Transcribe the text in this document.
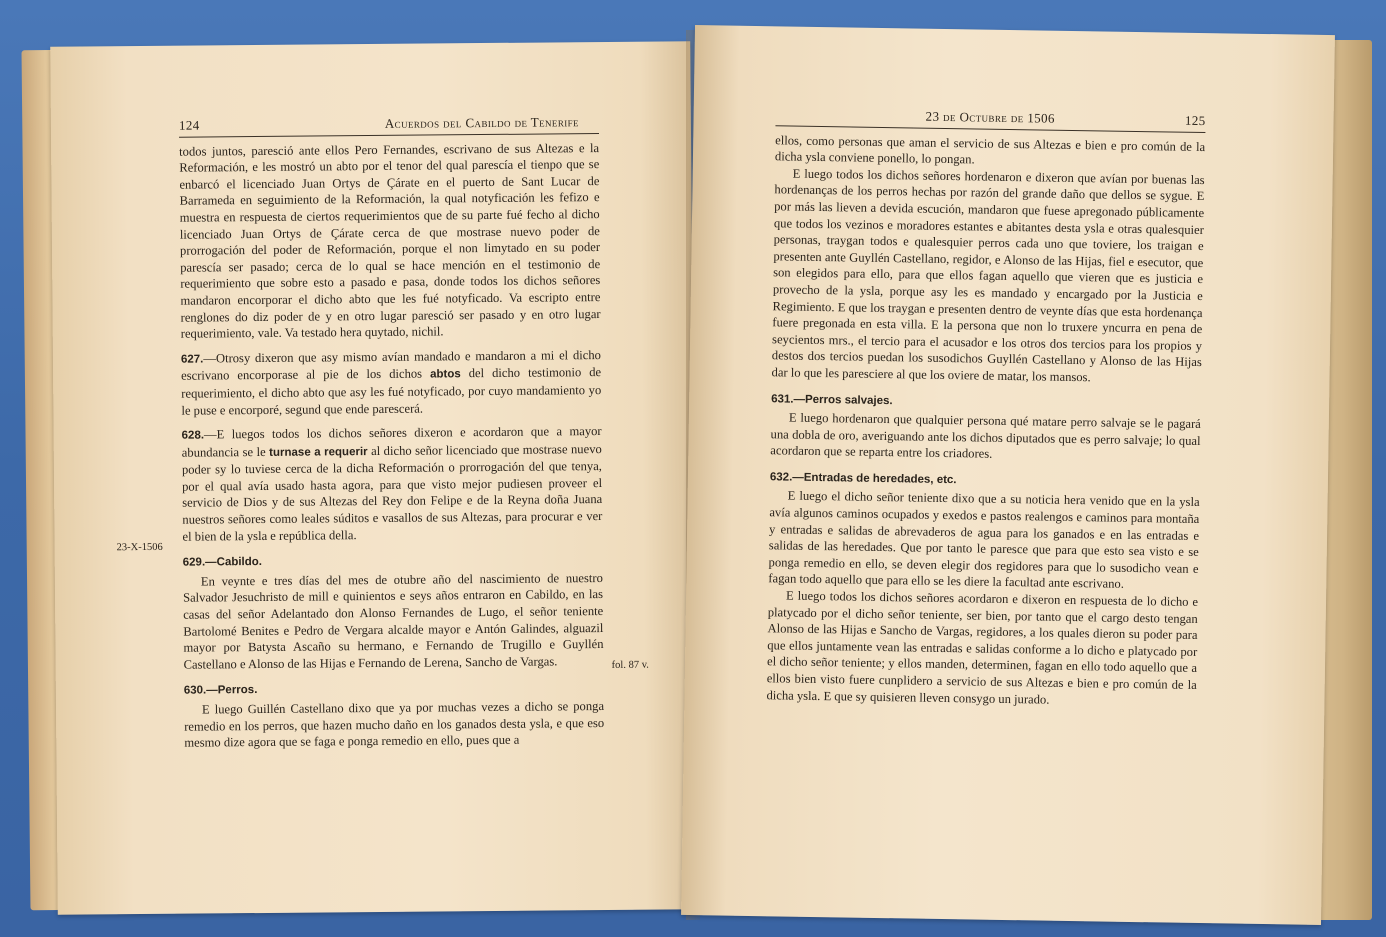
124	Acuerdos del Cabildo de Tenerife

todos juntos, paresció ante ellos Pero Fernandes, escrivano de sus Altezas e la Reformación, e les mostró un abto por el tenor del qual parescía el tienpo que se enbarcó el licenciado Juan Ortys de Çárate en el puerto de Sant Lucar de Barrameda en seguimiento de la Reformación, la qual notyficación les fefizo e muestra en respuesta de ciertos requerimientos que de su parte fué fecho al dicho licenciado Juan Ortys de Çárate cerca de que mostrase nuevo poder de prorrogación del poder de Reformación, porque el non limytado en su poder parescía ser pasado; cerca de lo qual se hace mención en el testimonio de requerimiento que sobre esto a pasado e pasa, donde todos los dichos señores mandaron encorporar el dicho abto que les fué notyficado. Va escripto entre renglones do diz poder de y en otro lugar paresció ser pasado y en otro lugar requerimiento, vale. Va testado hera quytado, nichil.

627.—Otrosy dixeron que asy mismo avían mandado e mandaron a mi el dicho escrivano encorporase al pie de los dichos abtos del dicho testimonio de requerimiento, el dicho abto que asy les fué notyficado, por cuyo mandamiento yo le puse e encorporé, segund que ende parescerá.

628.—E luegos todos los dichos señores dixeron e acordaron que a mayor abundancia se le turnase a requerir al dicho señor licenciado que mostrase nuevo poder sy lo tuviese cerca de la dicha Reformación o prorrogación del que tenya, por el qual avía usado hasta agora, para que visto mejor pudiesen proveer el servicio de Dios y de sus Altezas del Rey don Felipe e de la Reyna doña Juana nuestros señores como leales súditos e vasallos de sus Altezas, para procurar e ver el bien de la ysla e república della.

629.—Cabildo.

En veynte e tres días del mes de otubre año del nascimiento de nuestro Salvador Jesuchristo de mill e quinientos e seys años entraron en Cabildo, en las casas del señor Adelantado don Alonso Fernandes de Lugo, el señor teniente Bartolomé Benites e Pedro de Vergara alcalde mayor e Antón Galindes, alguazil mayor por Batysta Ascaño su hermano, e Fernando de Trugillo e Guyllén Castellano e Alonso de las Hijas e Fernando de Lerena, Sancho de Vargas.

630.—Perros.

E luego Guillén Castellano dixo que ya por muchas vezes a dicho se ponga remedio en los perros, que hazen mucho daño en los ganados desta ysla, e que eso mesmo dize agora que se faga e ponga remedio en ello, pues que a

23-X-1506
fol. 87 v.
23 de Octubre de 1506	125

ellos, como personas que aman el servicio de sus Altezas e bien e pro común de la dicha ysla conviene ponello, lo pongan.

E luego todos los dichos señores hordenaron e dixeron que avían por buenas las hordenanças de los perros hechas por razón del grande daño que dellos se sygue. E por más las lieven a devida escución, mandaron que fuese apregonado públicamente que todos los vezinos e moradores estantes e abitantes desta ysla e otras qualesquier personas, traygan todos e qualesquier perros cada uno que toviere, los traigan e presenten ante Guyllén Castellano, regidor, e Alonso de las Hijas, fiel e esecutor, que son elegidos para ello, para que ellos fagan aquello que vieren que es justicia e provecho de la ysla, porque asy les es mandado y encargado por la Justicia e Regimiento. E que los traygan e presenten dentro de veynte días que esta hordenança fuere pregonada en esta villa. E la persona que non lo truxere yncurra en pena de seycientos mrs., el tercio para el acusador e los otros dos tercios para los propios y destos dos tercios puedan los susodichos Guyllén Castellano y Alonso de las Hijas dar lo que les paresciere al que los oviere de matar, los mansos.

631.—Perros salvajes.

E luego hordenaron que qualquier persona qué matare perro salvaje se le pagará una dobla de oro, averiguando ante los dichos diputados que es perro salvaje; lo qual acordaron que se reparta entre los criadores.

632.—Entradas de heredades, etc.

E luego el dicho señor teniente dixo que a su noticia hera venido que en la ysla avía algunos caminos ocupados y exedos e pastos realengos e caminos para montaña y entradas e salidas de abrevaderos de agua para los ganados e en las entradas e salidas de las heredades. Que por tanto le paresce que para que esto sea visto e se ponga remedio en ello, se deven elegir dos regidores para que lo susodicho vean e fagan todo aquello que para ello se les diere la facultad ante escrivano.

E luego todos los dichos señores acordaron e dixeron en respuesta de lo dicho e platycado por el dicho señor teniente, ser bien, por tanto que el cargo desto tengan Alonso de las Hijas e Sancho de Vargas, regidores, a los quales dieron su poder para que ellos juntamente vean las entradas e salidas conforme a lo dicho e platycado por el dicho señor teniente; y ellos manden, determinen, fagan en ello todo aquello que a ellos bien visto fuere cunplidero a servicio de sus Altezas e bien e pro común de la dicha ysla. E que sy quisieren lleven consygo un jurado.
